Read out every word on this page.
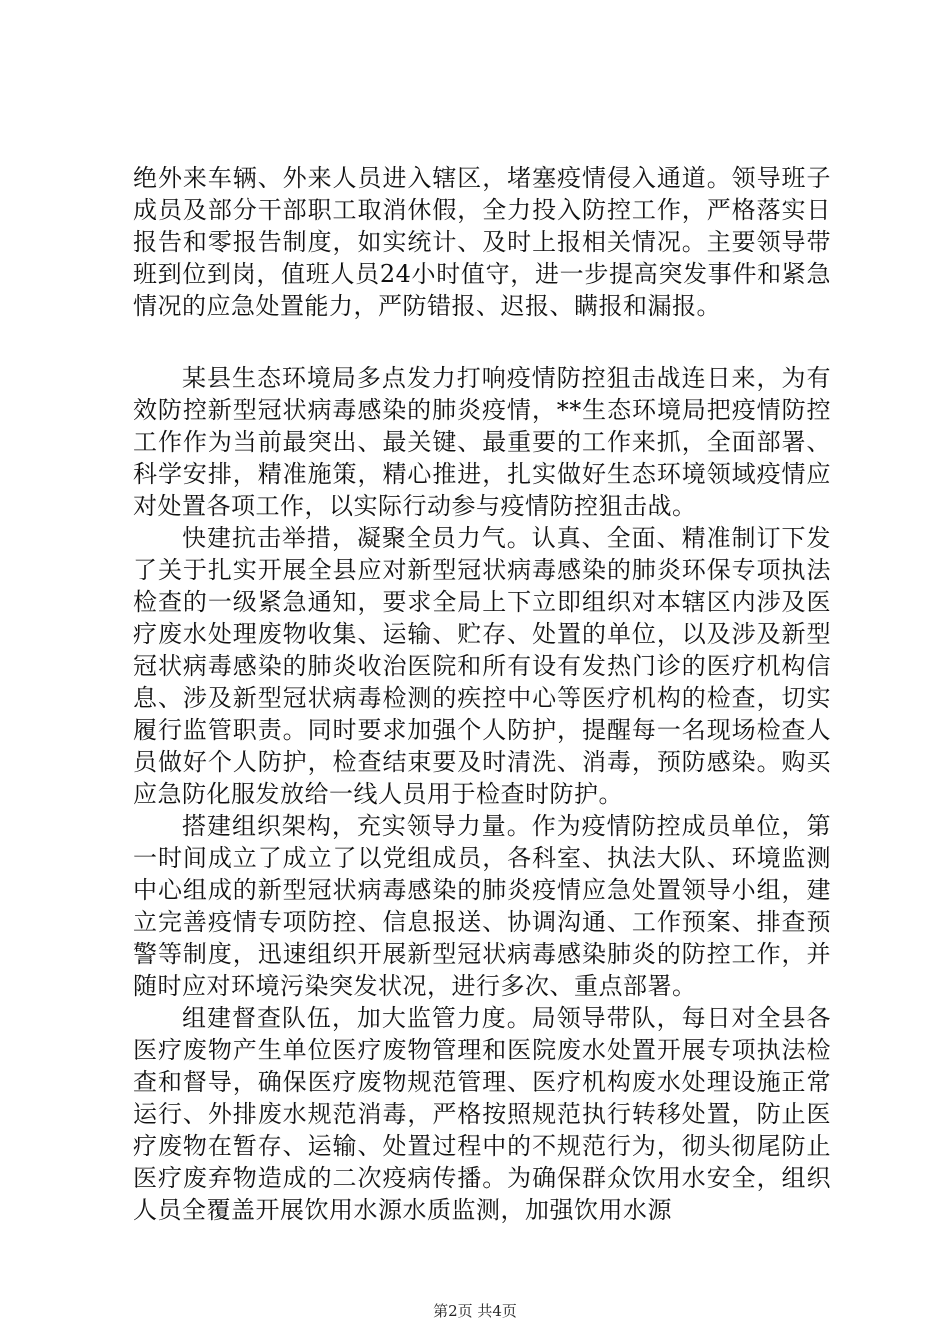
绝外来车辆、外来人员进入辖区，堵塞疫情侵入通道。领导班子成员及部分干部职工取消休假，全力投入防控工作，严格落实日报告和零报告制度，如实统计、及时上报相关情况。主要领导带班到位到岗，值班人员24小时值守，进一步提高突发事件和紧急情况的应急处置能力，严防错报、迟报、瞒报和漏报。

某县生态环境局多点发力打响疫情防控狙击战连日来，为有效防控新型冠状病毒感染的肺炎疫情，**生态环境局把疫情防控工作作为当前最突出、最关键、最重要的工作来抓，全面部署、科学安排，精准施策，精心推进，扎实做好生态环境领域疫情应对处置各项工作，以实际行动参与疫情防控狙击战。

快建抗击举措，凝聚全员力气。认真、全面、精准制订下发了关于扎实开展全县应对新型冠状病毒感染的肺炎环保专项执法检查的一级紧急通知，要求全局上下立即组织对本辖区内涉及医疗废水处理废物收集、运输、贮存、处置的单位，以及涉及新型冠状病毒感染的肺炎收治医院和所有设有发热门诊的医疗机构信息、涉及新型冠状病毒检测的疾控中心等医疗机构的检查，切实履行监管职责。同时要求加强个人防护，提醒每一名现场检查人员做好个人防护，检查结束要及时清洗、消毒，预防感染。购买应急防化服发放给一线人员用于检查时防护。

搭建组织架构，充实领导力量。作为疫情防控成员单位，第一时间成立了成立了以党组成员，各科室、执法大队、环境监测中心组成的新型冠状病毒感染的肺炎疫情应急处置领导小组，建立完善疫情专项防控、信息报送、协调沟通、工作预案、排查预警等制度，迅速组织开展新型冠状病毒感染肺炎的防控工作，并随时应对环境污染突发状况，进行多次、重点部署。

组建督查队伍，加大监管力度。局领导带队，每日对全县各医疗废物产生单位医疗废物管理和医院废水处置开展专项执法检查和督导，确保医疗废物规范管理、医疗机构废水处理设施正常运行、外排废水规范消毒，严格按照规范执行转移处置，防止医疗废物在暂存、运输、处置过程中的不规范行为，彻头彻尾防止医疗废弃物造成的二次疫病传播。为确保群众饮用水安全，组织人员全覆盖开展饮用水源水质监测，加强饮用水源

第2页 共4页
